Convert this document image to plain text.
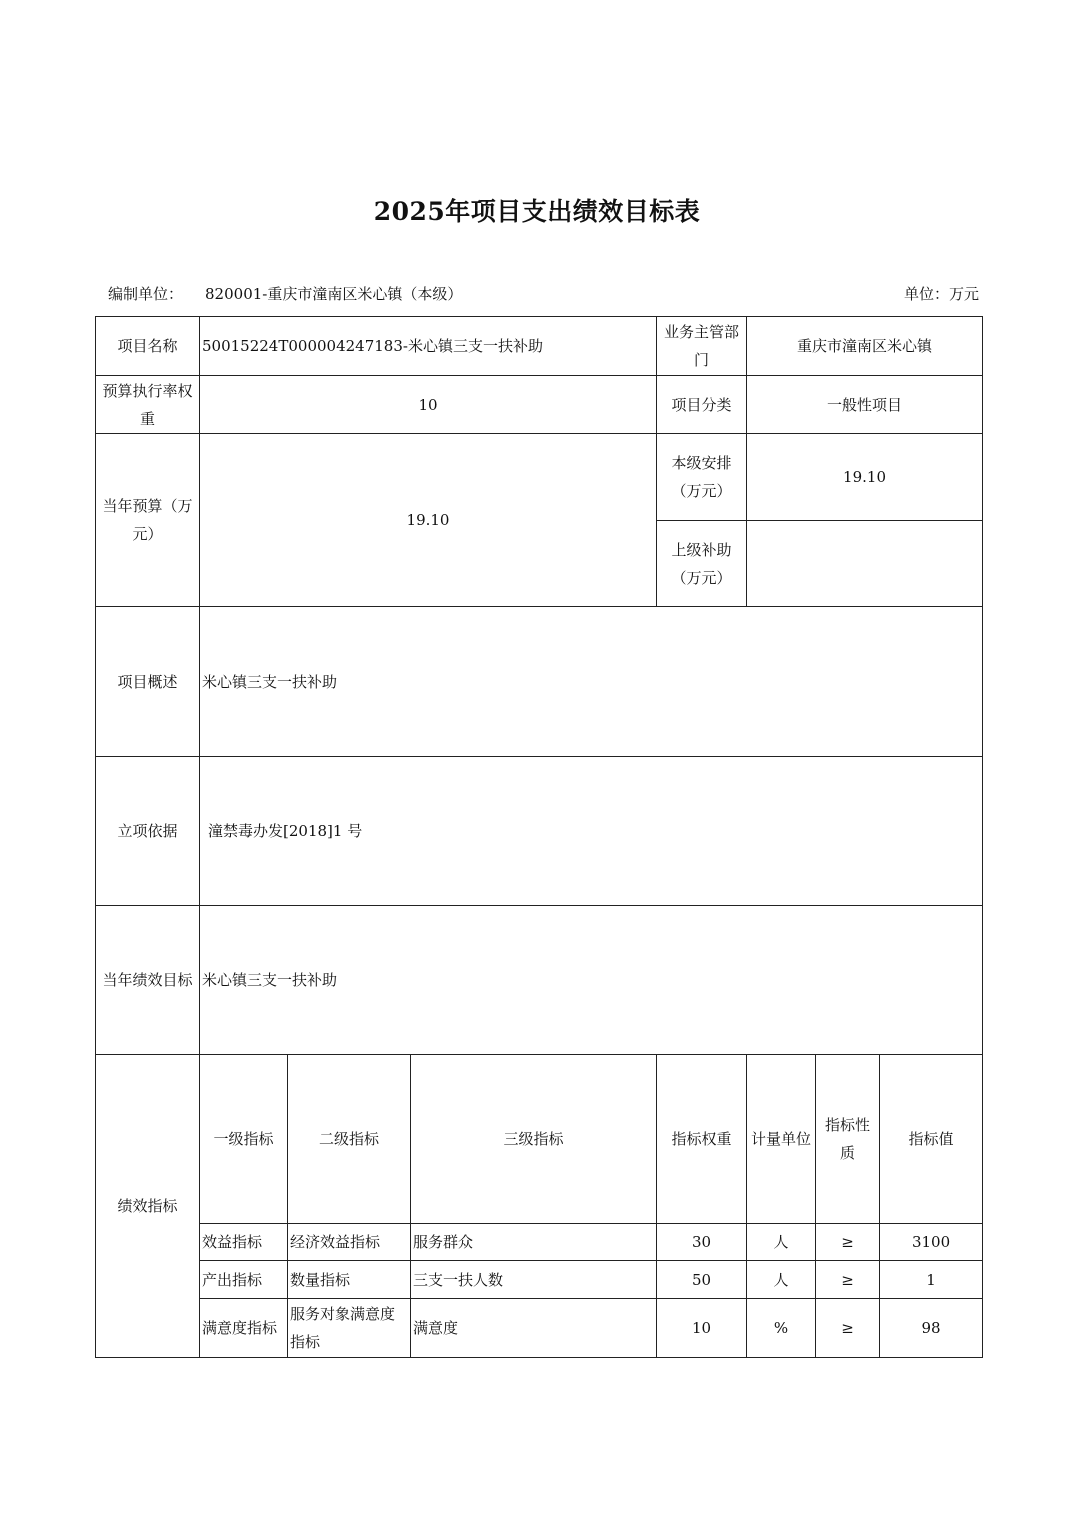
2025年项目支出绩效目标表
编制单位： 820001-重庆市潼南区米心镇（本级）	单位：万元
项目名称	50015224T000004247183-米心镇三支一扶补助			业务主管部门	重庆市潼南区米心镇			
预算执行率权重	10			项目分类	一般性项目			
当年预算（万元）	19.10			本级安排（万元）	19.10			
				上级补助（万元）				
项目概述	米心镇三支一扶补助							
立项依据	潼禁毒办发[2018]1 号							
当年绩效目标	米心镇三支一扶补助							
绩效指标	一级指标	二级指标	三级指标	指标权重	计量单位	指标性质	指标值	
	效益指标	经济效益指标	服务群众	30	人	≥	3100	
	产出指标	数量指标	三支一扶人数	50	人	≥	1	
	满意度指标	服务对象满意度指标	满意度	10	%	≥	98	
